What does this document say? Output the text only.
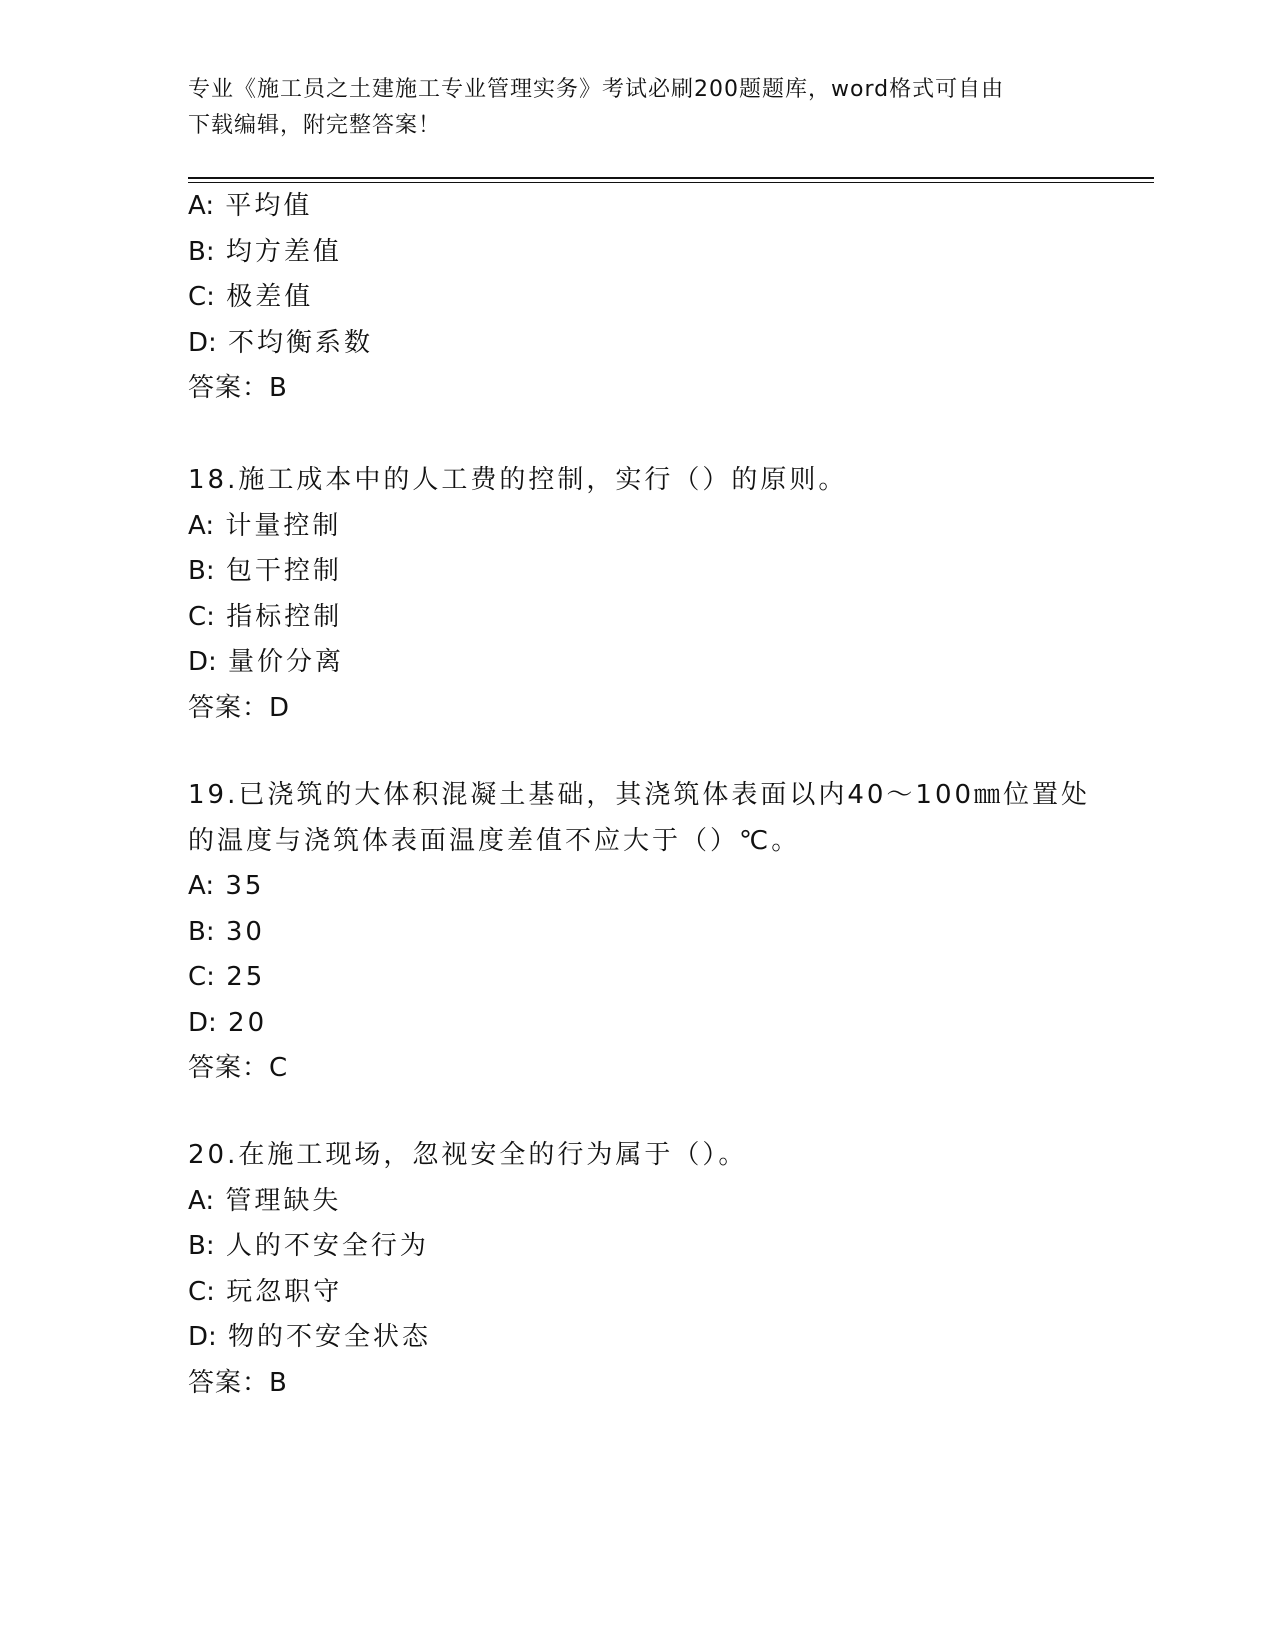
专业《施工员之土建施工专业管理实务》考试必刷200题题库，word格式可自由
下载编辑，附完整答案！
A: 平均值
B: 均方差值
C: 极差值
D: 不均衡系数
答案：B
18.施工成本中的人工费的控制，实行（）的原则。
A: 计量控制
B: 包干控制
C: 指标控制
D: 量价分离
答案：D
19.已浇筑的大体积混凝土基础，其浇筑体表面以内40～100㎜位置处
的温度与浇筑体表面温度差值不应大于（）℃。
A: 35
B: 30
C: 25
D: 20
答案：C
20.在施工现场，忽视安全的行为属于（）。
A: 管理缺失
B: 人的不安全行为
C: 玩忽职守
D: 物的不安全状态
答案：B
